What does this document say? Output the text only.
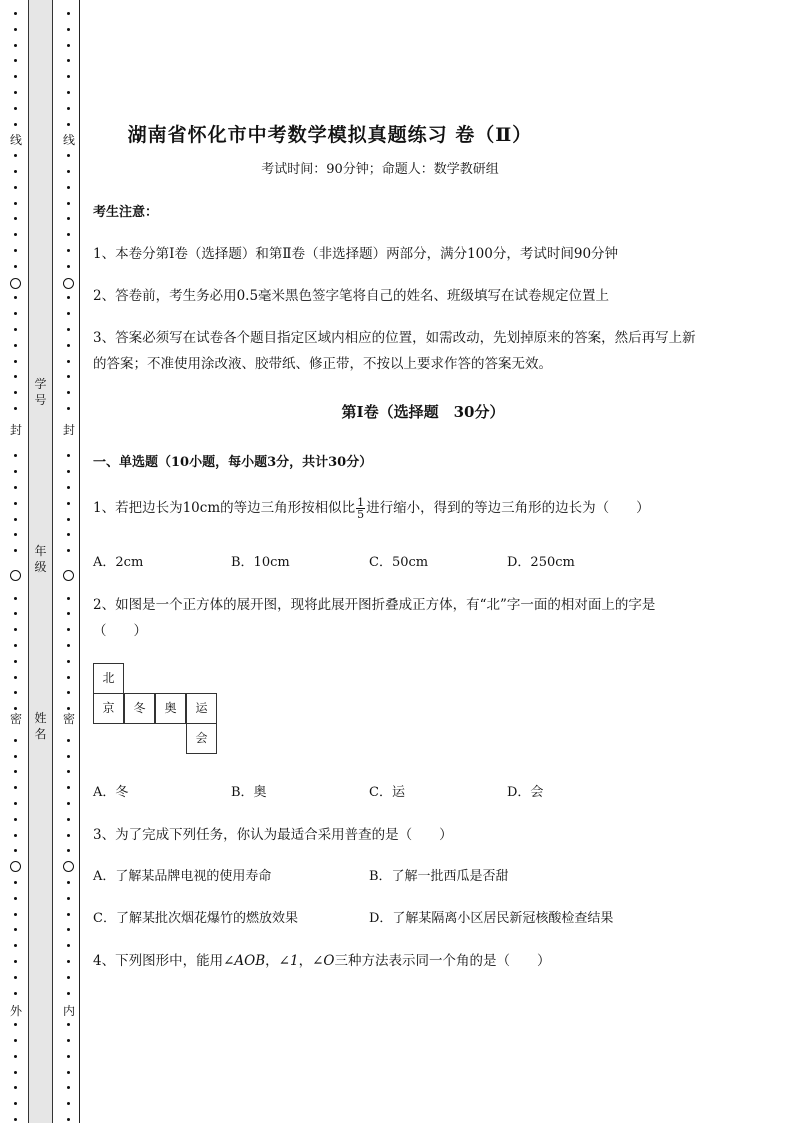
线
封
密
外
线
封
密
内
学
号
年
级
姓
名
湖南省怀化市中考数学模拟真题练习 卷（Ⅱ）
考试时间：90分钟；命题人：数学教研组
考生注意：
1、本卷分第Ⅰ卷（选择题）和第Ⅱ卷（非选择题）两部分，满分100分，考试时间90分钟
2、答卷前，考生务必用0.5毫米黑色签字笔将自己的姓名、班级填写在试卷规定位置上
3、答案必须写在试卷各个题目指定区域内相应的位置，如需改动，先划掉原来的答案，然后再写上新
的答案；不准使用涂改液、胶带纸、修正带，不按以上要求作答的答案无效。
第Ⅰ卷（选择题　30分）
一、单选题（10小题，每小题3分，共计30分）
1、若把边长为10cm的等边三角形按相似比 $\frac{1}{5}$ 进行缩小，得到的等边三角形的边长为（　　）
A．2cm	B．10cm	C．50cm	D．250cm
2、如图是一个正方体的展开图，现将此展开图折叠成正方体，有“北”字一面的相对面上的字是
（　　）
北
京	冬	奥	运
会
A．冬	B．奥	C．运	D．会
3、为了完成下列任务，你认为最适合采用普查的是（　　）
A．了解某品牌电视的使用寿命	B．了解一批西瓜是否甜
C．了解某批次烟花爆竹的燃放效果	D．了解某隔离小区居民新冠核酸检查结果
4、下列图形中，能用∠AOB，∠1，∠O三种方法表示同一个角的是（　　）
